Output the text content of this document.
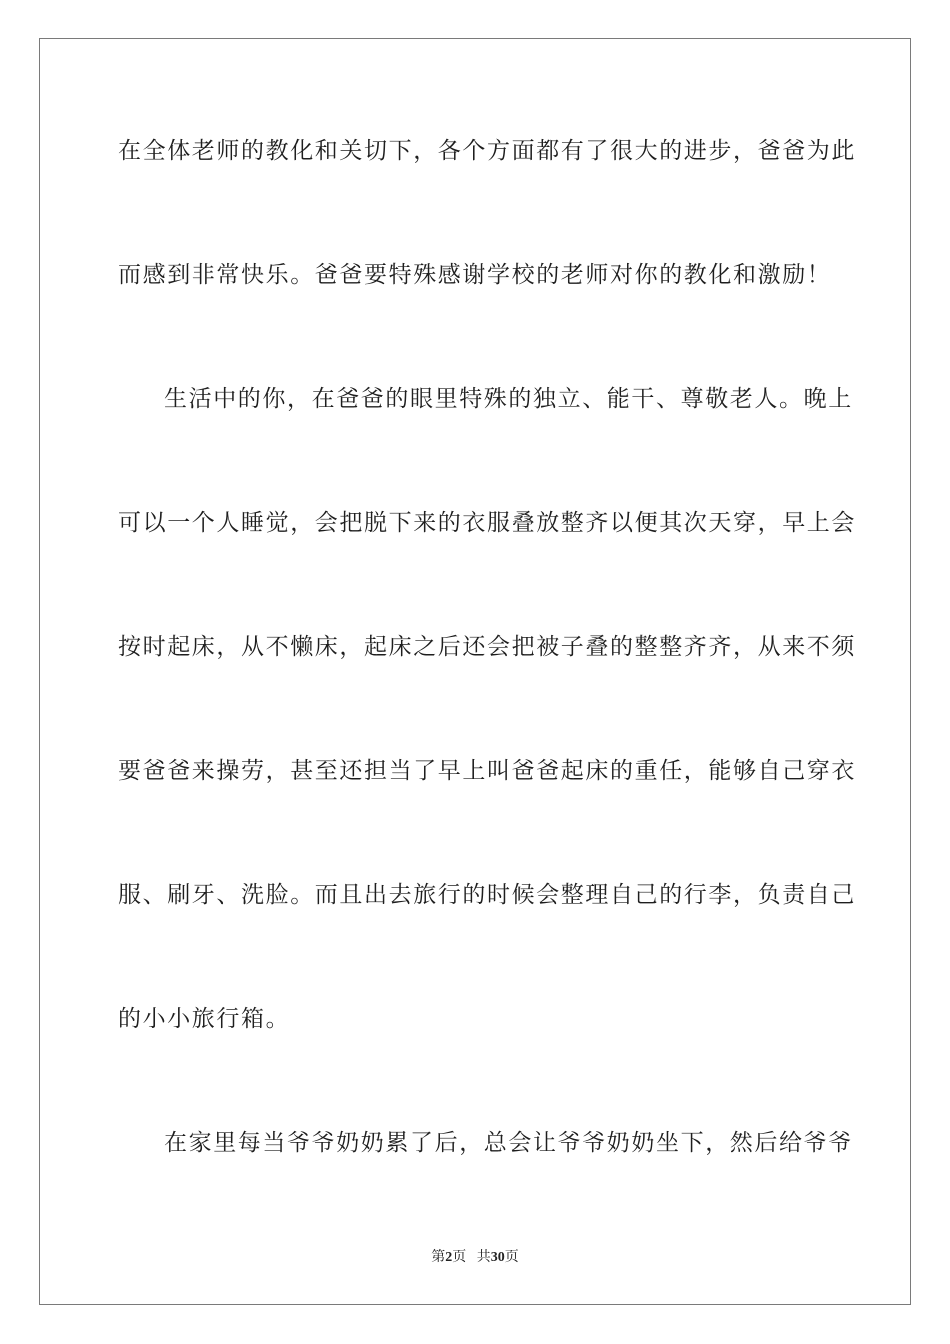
在全体老师的教化和关切下，各个方面都有了很大的进步，爸爸为此

而感到非常快乐。爸爸要特殊感谢学校的老师对你的教化和激励！

生活中的你，在爸爸的眼里特殊的独立、能干、尊敬老人。晚上

可以一个人睡觉，会把脱下来的衣服叠放整齐以便其次天穿，早上会

按时起床，从不懒床，起床之后还会把被子叠的整整齐齐，从来不须

要爸爸来操劳，甚至还担当了早上叫爸爸起床的重任，能够自己穿衣

服、刷牙、洗脸。而且出去旅行的时候会整理自己的行李，负责自己

的小小旅行箱。

在家里每当爷爷奶奶累了后，总会让爷爷奶奶坐下，然后给爷爷

第2页 共30页
